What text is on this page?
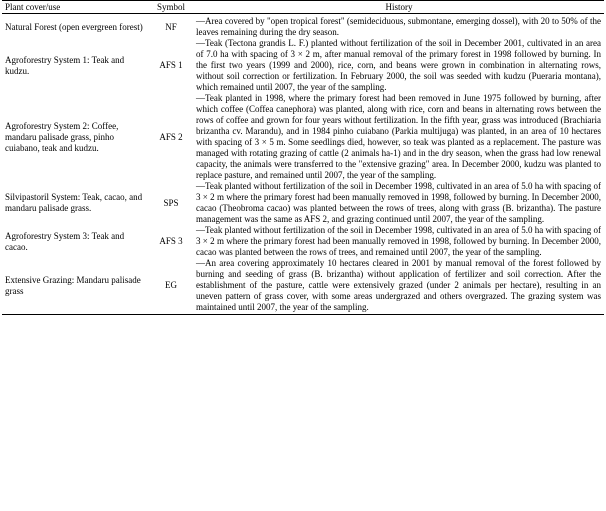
Plant cover/use	Symbol	History
Natural Forest (open evergreen forest)	NF	—Area covered by "open tropical forest" (semideciduous, submontane, emerging dossel), with 20 to 50% of the leaves remaining during the dry season.
Agroforestry System 1: Teak and kudzu.	AFS 1	—Teak (Tectona grandis L. F.) planted without fertilization of the soil in December 2001, cultivated in an area of 7.0 ha with spacing of 3 × 2 m, after manual removal of the primary forest in 1998 followed by burning. In the first two years (1999 and 2000), rice, corn, and beans were grown in combination in alternating rows, without soil correction or fertilization. In February 2000, the soil was seeded with kudzu (Pueraria montana), which remained until 2007, the year of the sampling.
Agroforestry System 2: Coffee, mandaru palisade grass, pinho cuiabano, teak and kudzu.	AFS 2	—Teak planted in 1998, where the primary forest had been removed in June 1975 followed by burning, after which coffee (Coffea canephora) was planted, along with rice, corn and beans in alternating rows between the rows of coffee and grown for four years without fertilization. In the fifth year, grass was introduced (Brachiaria brizantha cv. Marandu), and in 1984 pinho cuiabano (Parkia multijuga) was planted, in an area of 10 hectares with spacing of 3 × 5 m. Some seedlings died, however, so teak was planted as a replacement. The pasture was managed with rotating grazing of cattle (2 animals ha-1) and in the dry season, when the grass had low renewal capacity, the animals were transferred to the "extensive grazing" area. In December 2000, kudzu was planted to replace pasture, and remained until 2007, the year of the sampling.
Silvipastoril System: Teak, cacao, and mandaru palisade grass.	SPS	—Teak planted without fertilization of the soil in December 1998, cultivated in an area of 5.0 ha with spacing of 3 × 2 m where the primary forest had been manually removed in 1998, followed by burning. In December 2000, cacao (Theobroma cacao) was planted between the rows of trees, along with grass (B. brizantha). The pasture management was the same as AFS 2, and grazing continued until 2007, the year of the sampling.
Agroforestry System 3: Teak and cacao.	AFS 3	—Teak planted without fertilization of the soil in December 1998, cultivated in an area of 5.0 ha with spacing of 3 × 2 m where the primary forest had been manually removed in 1998, followed by burning. In December 2000, cacao was planted between the rows of trees, and remained until 2007, the year of the sampling.
Extensive Grazing: Mandaru palisade grass	EG	—An area covering approximately 10 hectares cleared in 2001 by manual removal of the forest followed by burning and seeding of grass (B. brizantha) without application of fertilizer and soil correction. After the establishment of the pasture, cattle were extensively grazed (under 2 animals per hectare), resulting in an uneven pattern of grass cover, with some areas undergrazed and others overgrazed. The grazing system was maintained until 2007, the year of the sampling.
